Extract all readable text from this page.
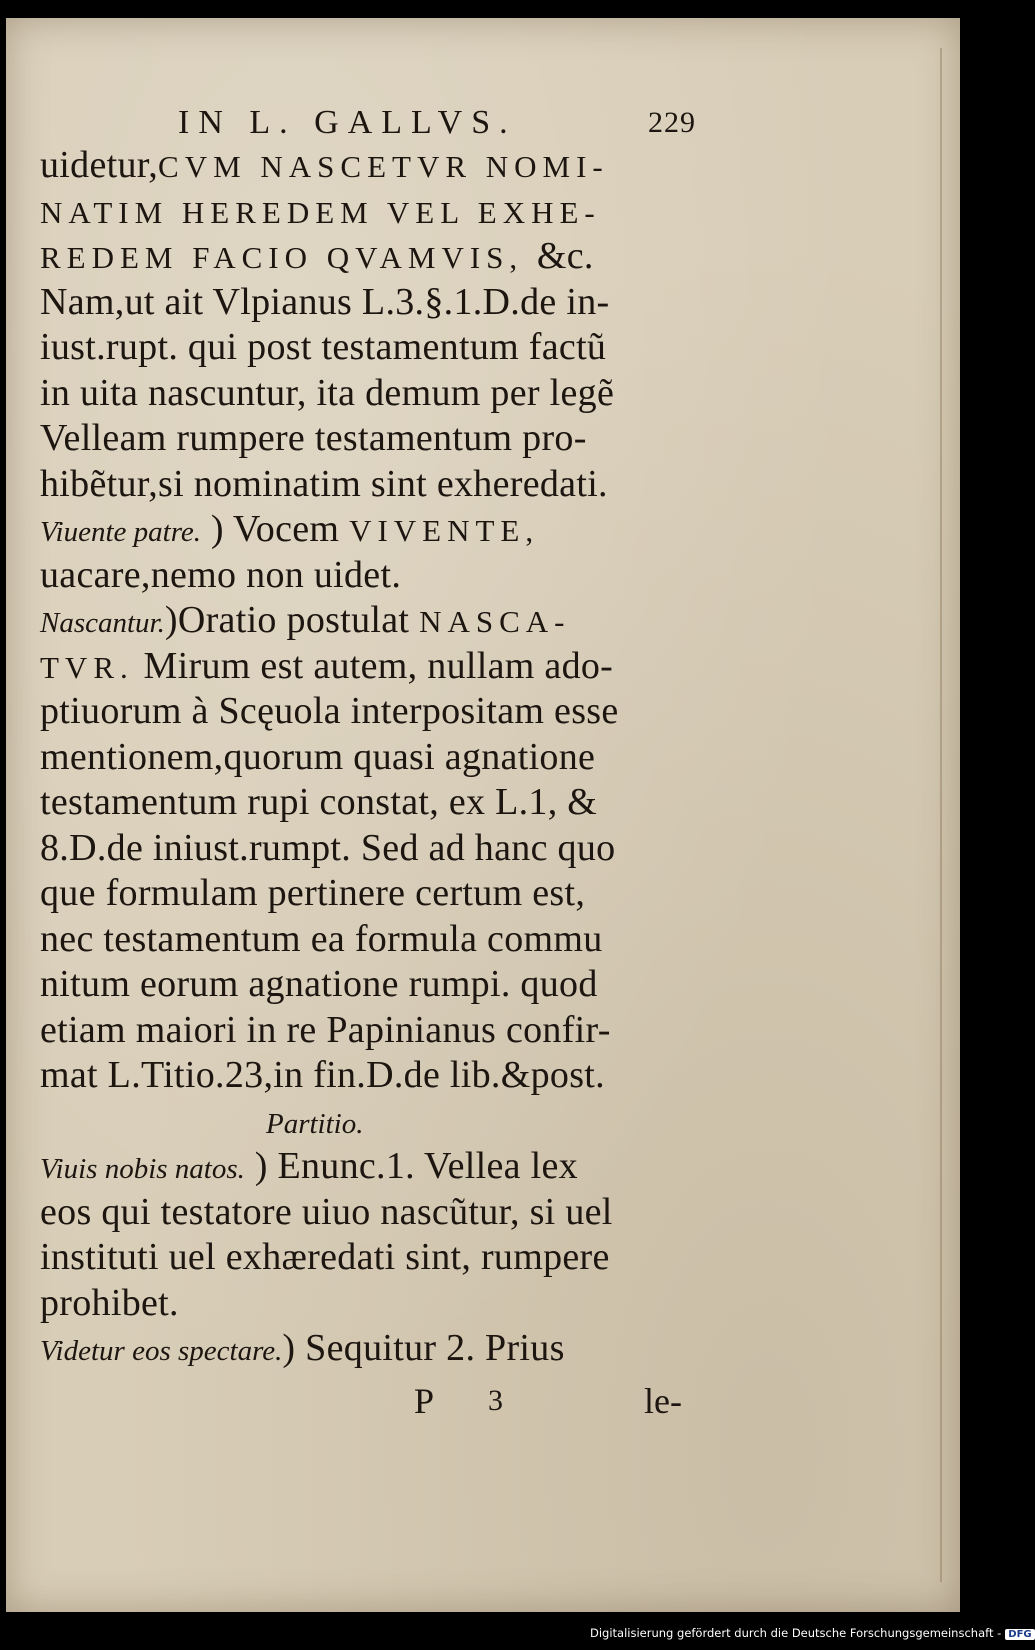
IN L. GALLVS.	229
uidetur,CVM NASCETVR NOMI-
NATIM HEREDEM VEL EXHE-
REDEM FACIO QVAMVIS, &c.
Nam,ut ait Vlpianus L.3.§.1.D.de in-
iust.rupt. qui post testamentum factũ
in uita nascuntur, ita demum per legẽ
Velleam rumpere testamentum pro-
hibẽtur,si nominatim sint exheredati.
Viuente patre. ) Vocem VIVENTE,
uacare,nemo non uidet.
Nascantur.)Oratio postulat NASCA-
TVR. Mirum est autem, nullam ado-
ptiuorum à Scęuola interpositam esse
mentionem,quorum quasi agnatione
testamentum rupi constat, ex L.1, &
8.D.de iniust.rumpt. Sed ad hanc quo
que formulam pertinere certum est,
nec testamentum ea formula commu
nitum eorum agnatione rumpi. quod
etiam maiori in re Papinianus confir-
mat L.Titio.23,in fin.D.de lib.&post.
Partitio.
Viuis nobis natos. ) Enunc.1. Vellea lex
eos qui testatore uiuo nascũtur, si uel
instituti uel exhæredati sint, rumpere
prohibet.
Videtur eos spectare.) Sequitur 2. Prius
P 3	le-
Digitalisierung gefördert durch die Deutsche Forschungsgemeinschaft - DFG
